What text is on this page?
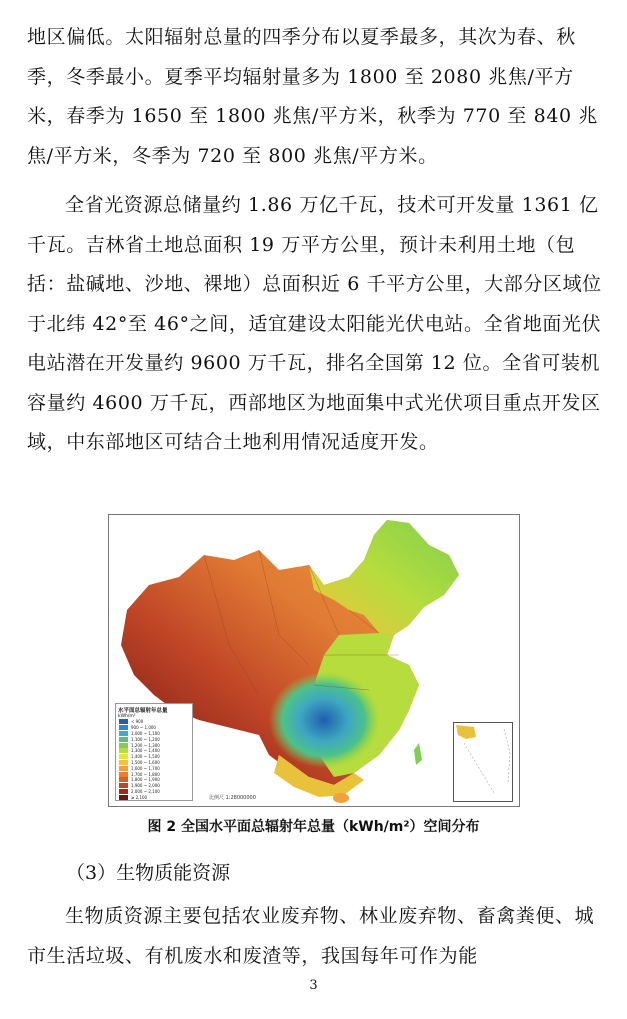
地区偏低。太阳辐射总量的四季分布以夏季最多，其次为春、秋季，冬季最小。夏季平均辐射量多为 1800 至 2080 兆焦/平方米，春季为 1650 至 1800 兆焦/平方米，秋季为 770 至 840 兆焦/平方米，冬季为 720 至 800 兆焦/平方米。

全省光资源总储量约 1.86 万亿千瓦，技术可开发量 1361 亿千瓦。吉林省土地总面积 19 万平方公里，预计未利用土地（包括：盐碱地、沙地、裸地）总面积近 6 千平方公里，大部分区域位于北纬 42°至 46°之间，适宜建设太阳能光伏电站。全省地面光伏电站潜在开发量约 9600 万千瓦，排名全国第 12 位。全省可装机容量约 4600 万千瓦，西部地区为地面集中式光伏项目重点开发区域，中东部地区可结合土地利用情况适度开发。

水平面总辐射年总量
kWh/m²
< 900
900 ~ 1,000
1,000 ~ 1,100
1,100 ~ 1,200
1,200 ~ 1,300
1,300 ~ 1,400
1,400 ~ 1,500
1,500 ~ 1,600
1,600 ~ 1,700
1,700 ~ 1,800
1,800 ~ 1,900
1,900 ~ 2,000
2,000 ~ 2,100
≥ 2,100	比例尺 1:28000000
图 2 全国水平面总辐射年总量（kWh/m²）空间分布
（3）生物质能资源

生物质资源主要包括农业废弃物、林业废弃物、畜禽粪便、城市生活垃圾、有机废水和废渣等，我国每年可作为能

3
